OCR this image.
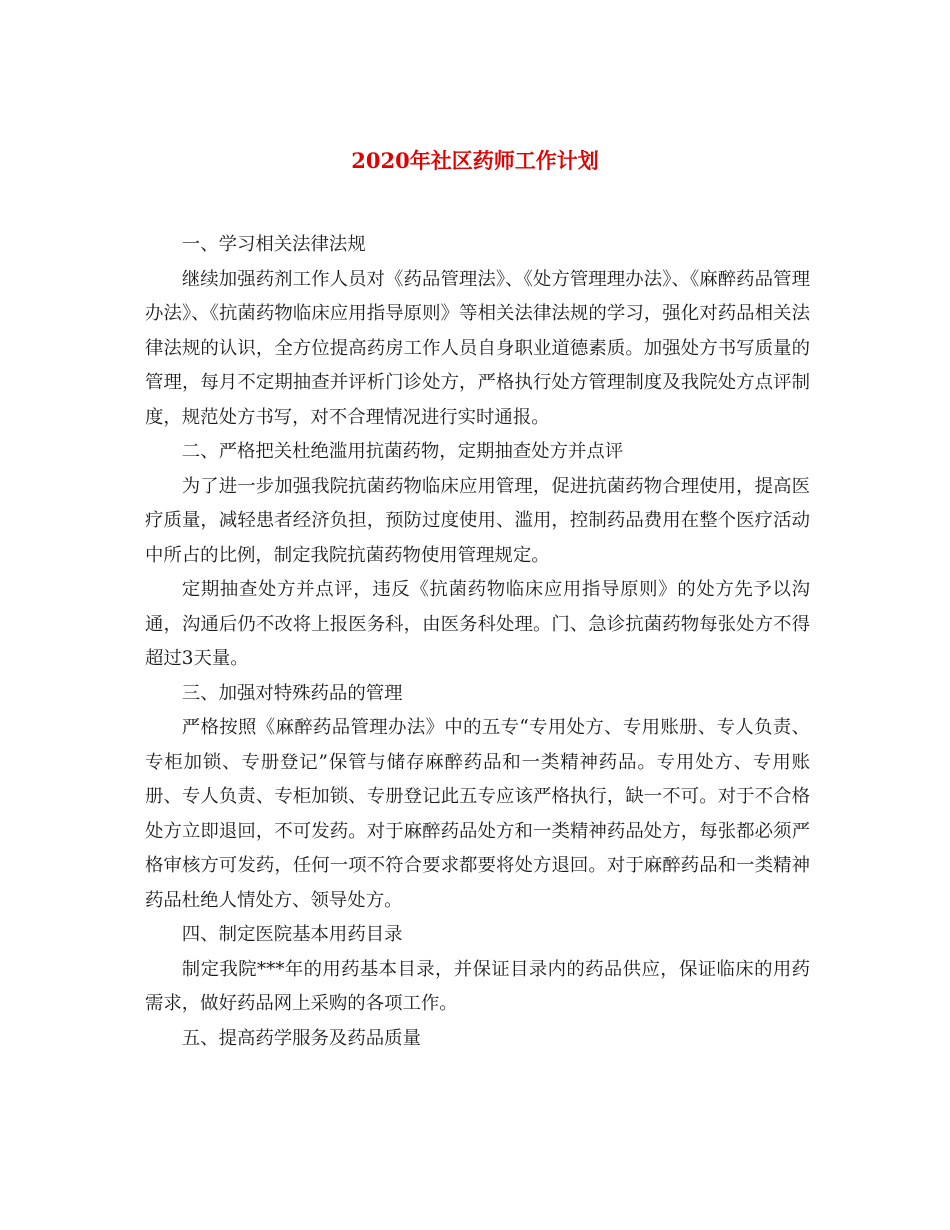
2020年社区药师工作计划

一、学习相关法律法规

继续加强药剂工作人员对《药品管理法》、《处方管理理办法》、《麻醉药品管理办法》、《抗菌药物临床应用指导原则》等相关法律法规的学习，强化对药品相关法律法规的认识，全方位提高药房工作人员自身职业道德素质。加强处方书写质量的管理，每月不定期抽查并评析门诊处方，严格执行处方管理制度及我院处方点评制度，规范处方书写，对不合理情况进行实时通报。

二、严格把关杜绝滥用抗菌药物，定期抽查处方并点评

为了进一步加强我院抗菌药物临床应用管理，促进抗菌药物合理使用，提高医疗质量，减轻患者经济负担，预防过度使用、滥用，控制药品费用在整个医疗活动中所占的比例，制定我院抗菌药物使用管理规定。

定期抽查处方并点评，违反《抗菌药物临床应用指导原则》的处方先予以沟通，沟通后仍不改将上报医务科，由医务科处理。门、急诊抗菌药物每张处方不得超过3天量。

三、加强对特殊药品的管理

严格按照《麻醉药品管理办法》中的五专“专用处方、专用账册、专人负责、专柜加锁、专册登记”保管与储存麻醉药品和一类精神药品。专用处方、专用账册、专人负责、专柜加锁、专册登记此五专应该严格执行，缺一不可。对于不合格处方立即退回，不可发药。对于麻醉药品处方和一类精神药品处方，每张都必须严格审核方可发药，任何一项不符合要求都要将处方退回。对于麻醉药品和一类精神药品杜绝人情处方、领导处方。

四、制定医院基本用药目录

制定我院***年的用药基本目录，并保证目录内的药品供应，保证临床的用药需求，做好药品网上采购的各项工作。

五、提高药学服务及药品质量
